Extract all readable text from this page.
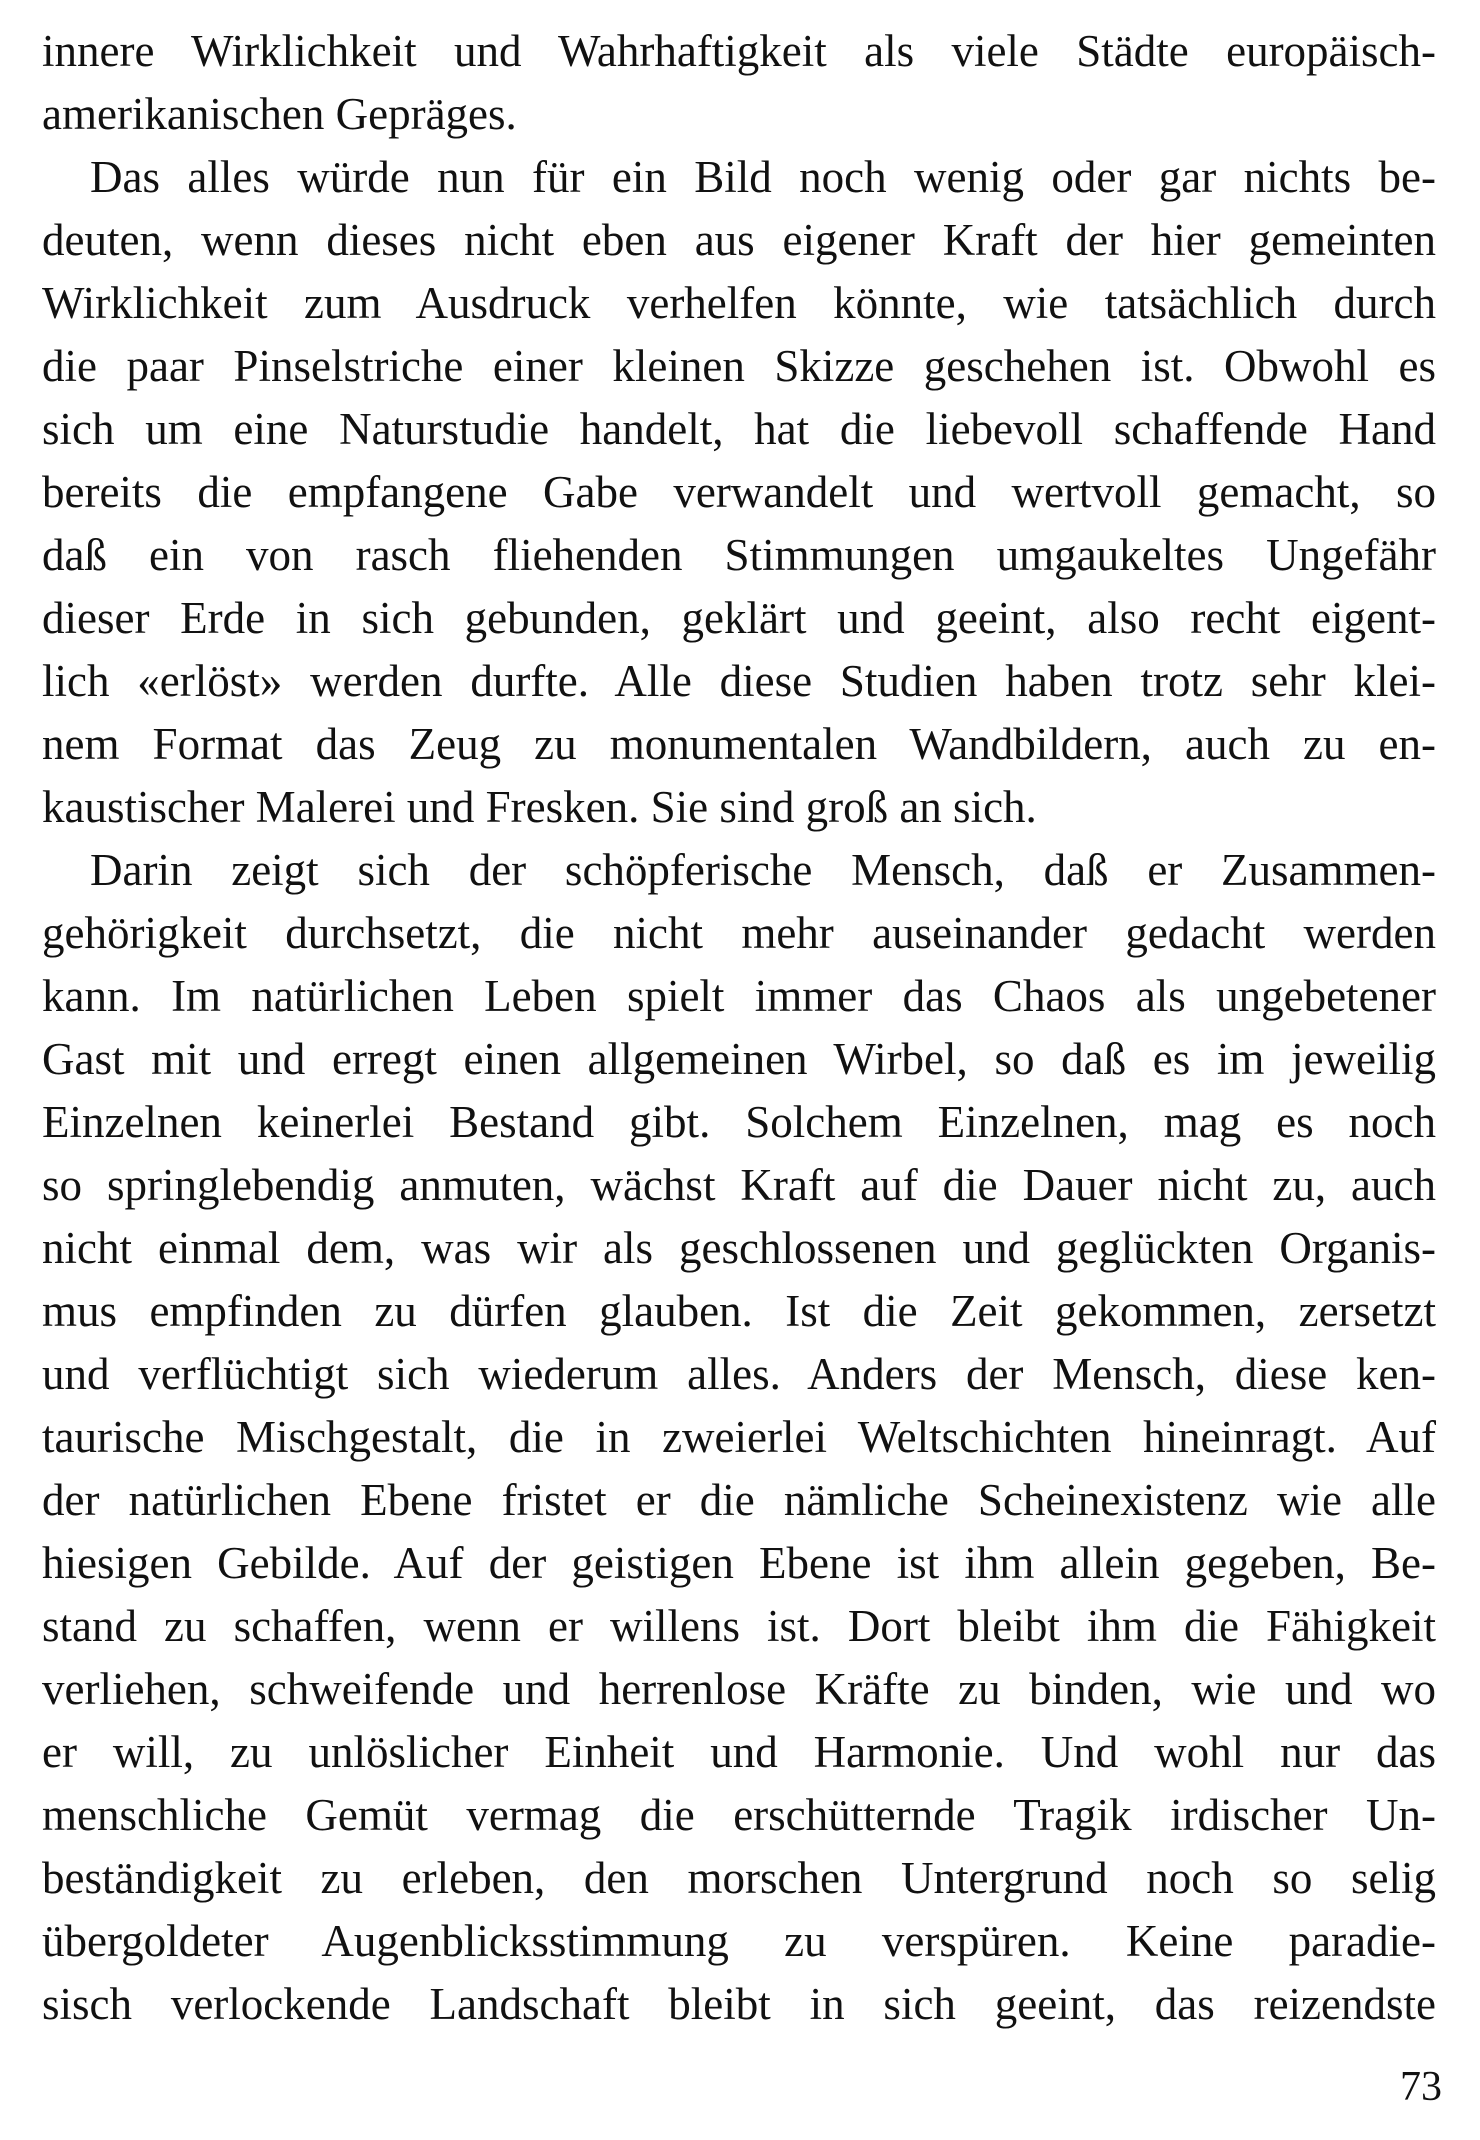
innere Wirklichkeit und Wahrhaftigkeit als viele Städte europäisch-
amerikanischen Gepräges.
Das alles würde nun für ein Bild noch wenig oder gar nichts be-
deuten, wenn dieses nicht eben aus eigener Kraft der hier gemeinten
Wirklichkeit zum Ausdruck verhelfen könnte, wie tatsächlich durch
die paar Pinselstriche einer kleinen Skizze geschehen ist. Obwohl es
sich um eine Naturstudie handelt, hat die liebevoll schaffende Hand
bereits die empfangene Gabe verwandelt und wertvoll gemacht, so
daß ein von rasch fliehenden Stimmungen umgaukeltes Ungefähr
dieser Erde in sich gebunden, geklärt und geeint, also recht eigent-
lich «erlöst» werden durfte. Alle diese Studien haben trotz sehr klei-
nem Format das Zeug zu monumentalen Wandbildern, auch zu en-
kaustischer Malerei und Fresken. Sie sind groß an sich.
Darin zeigt sich der schöpferische Mensch, daß er Zusammen-
gehörigkeit durchsetzt, die nicht mehr auseinander gedacht werden
kann. Im natürlichen Leben spielt immer das Chaos als ungebetener
Gast mit und erregt einen allgemeinen Wirbel, so daß es im jeweilig
Einzelnen keinerlei Bestand gibt. Solchem Einzelnen, mag es noch
so springlebendig anmuten, wächst Kraft auf die Dauer nicht zu, auch
nicht einmal dem, was wir als geschlossenen und geglückten Organis-
mus empfinden zu dürfen glauben. Ist die Zeit gekommen, zersetzt
und verflüchtigt sich wiederum alles. Anders der Mensch, diese ken-
taurische Mischgestalt, die in zweierlei Weltschichten hineinragt. Auf
der natürlichen Ebene fristet er die nämliche Scheinexistenz wie alle
hiesigen Gebilde. Auf der geistigen Ebene ist ihm allein gegeben, Be-
stand zu schaffen, wenn er willens ist. Dort bleibt ihm die Fähigkeit
verliehen, schweifende und herrenlose Kräfte zu binden, wie und wo
er will, zu unlöslicher Einheit und Harmonie. Und wohl nur das
menschliche Gemüt vermag die erschütternde Tragik irdischer Un-
beständigkeit zu erleben, den morschen Untergrund noch so selig
übergoldeter Augenblicksstimmung zu verspüren. Keine paradie-
sisch verlockende Landschaft bleibt in sich geeint, das reizendste
73
